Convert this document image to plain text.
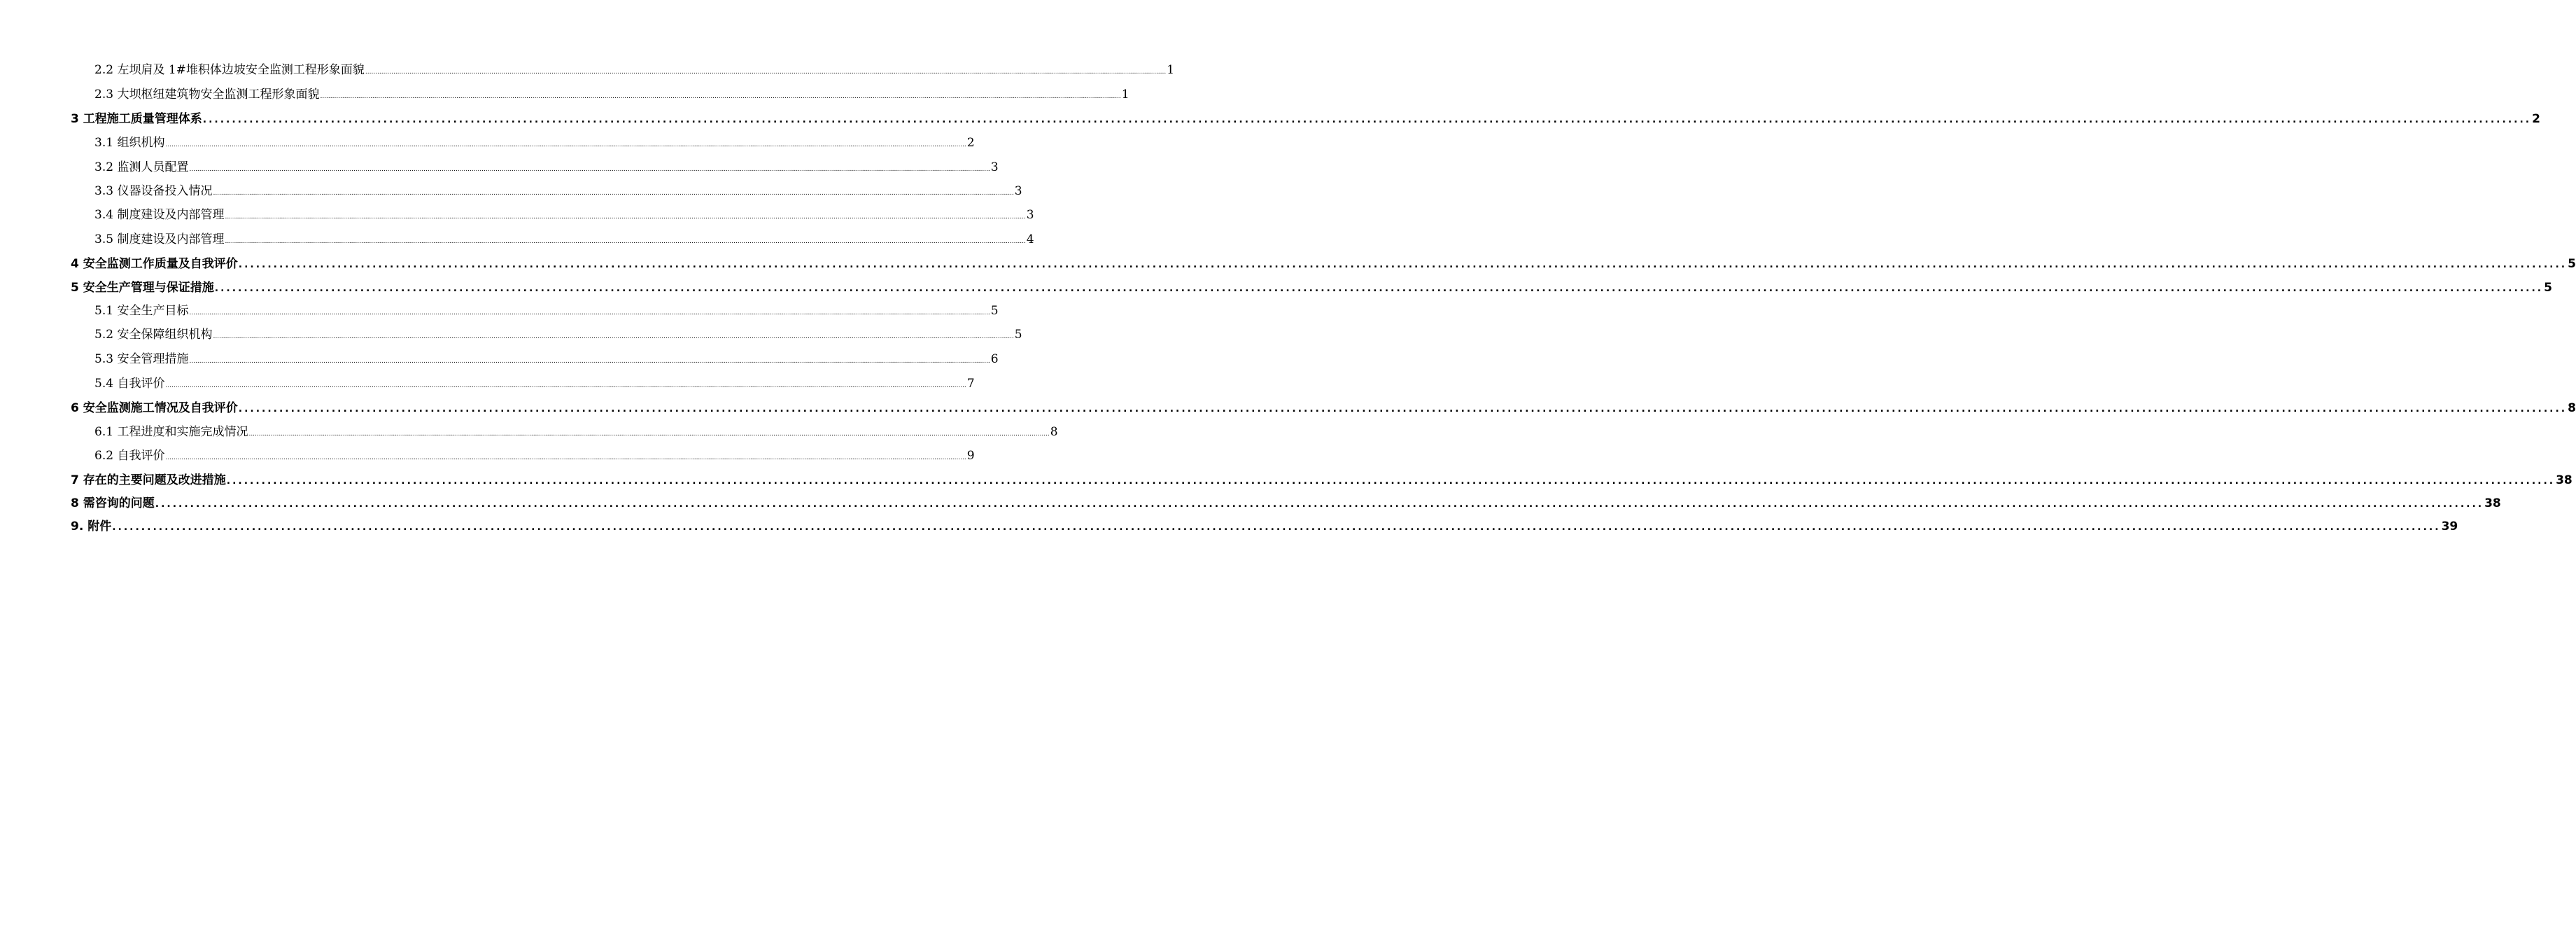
2.2 左坝肩及 1#堆积体边坡安全监测工程形象面貌 ................................................................................................................................................................................................................................................................................................................................................................................................................ 1
2.3 大坝枢纽建筑物安全监测工程形象面貌 ................................................................................................................................................................................................................................................................................................................................................................................................................ 1
3 工程施工质量管理体系 ................................................................................................................................................................................................................................................................................................................................................................................................................ 2
3.1 组织机构 ................................................................................................................................................................................................................................................................................................................................................................................................................ 2
3.2 监测人员配置 ................................................................................................................................................................................................................................................................................................................................................................................................................ 3
3.3 仪器设备投入情况 ................................................................................................................................................................................................................................................................................................................................................................................................................ 3
3.4 制度建设及内部管理 ................................................................................................................................................................................................................................................................................................................................................................................................................ 3
3.5 制度建设及内部管理 ................................................................................................................................................................................................................................................................................................................................................................................................................ 4
4 安全监测工作质量及自我评价 ................................................................................................................................................................................................................................................................................................................................................................................................................ 5
5 安全生产管理与保证措施 ................................................................................................................................................................................................................................................................................................................................................................................................................ 5
5.1 安全生产目标 ................................................................................................................................................................................................................................................................................................................................................................................................................ 5
5.2 安全保障组织机构 ................................................................................................................................................................................................................................................................................................................................................................................................................ 5
5.3 安全管理措施 ................................................................................................................................................................................................................................................................................................................................................................................................................ 6
5.4 自我评价 ................................................................................................................................................................................................................................................................................................................................................................................................................ 7
6 安全监测施工情况及自我评价 ................................................................................................................................................................................................................................................................................................................................................................................................................ 8
6.1 工程进度和实施完成情况 ................................................................................................................................................................................................................................................................................................................................................................................................................ 8
6.2 自我评价 ................................................................................................................................................................................................................................................................................................................................................................................................................ 9
7 存在的主要问题及改进措施 ................................................................................................................................................................................................................................................................................................................................................................................................................ 38
8 需咨询的问题 ................................................................................................................................................................................................................................................................................................................................................................................................................ 38
9. 附件 ................................................................................................................................................................................................................................................................................................................................................................................................................ 39
